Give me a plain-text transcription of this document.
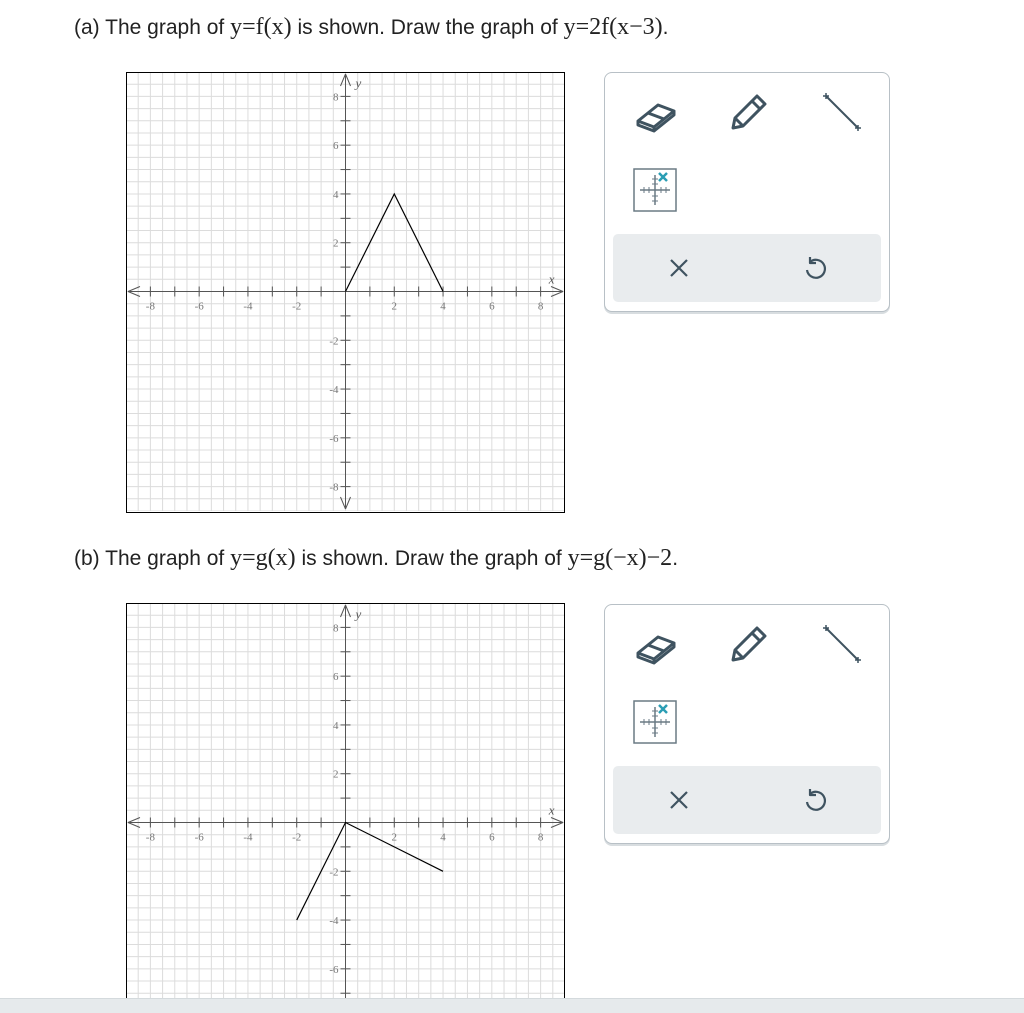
(a) The graph of y=f(x) is shown. Draw the graph of y=2f(x−3).
-8	-6	-4	-2	2	4	6	8
8
6
4
2
-2
-4
-6
-8
x
y
(b) The graph of y=g(x) is shown. Draw the graph of y=g(−x)−2.
-8	-6	-4	-2	2	4	6	8
8
6
4
2
-2
-4
-6
x
y
